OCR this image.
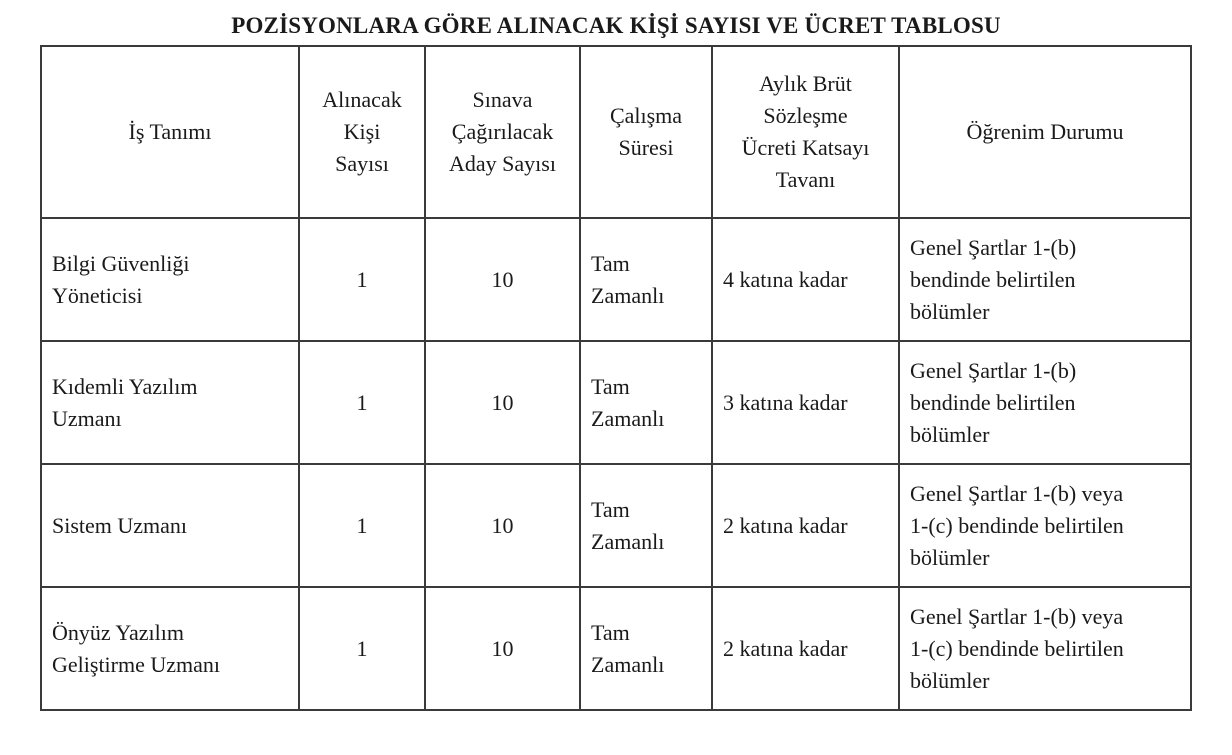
POZİSYONLARA GÖRE ALINACAK KİŞİ SAYISI VE ÜCRET TABLOSU
İş Tanımı	Alınacak
Kişi
Sayısı	Sınava
Çağırılacak
Aday Sayısı	Çalışma
Süresi	Aylık Brüt
Sözleşme
Ücreti Katsayı
Tavanı	Öğrenim Durumu

Bilgi Güvenliği
Yöneticisi	1	10	Tam
Zamanlı	4 katına kadar	Genel Şartlar 1-(b)
bendinde belirtilen
bölümler

Kıdemli Yazılım
Uzmanı	1	10	Tam
Zamanlı	3 katına kadar	Genel Şartlar 1-(b)
bendinde belirtilen
bölümler

Sistem Uzmanı	1	10	Tam
Zamanlı	2 katına kadar	Genel Şartlar 1-(b) veya
1-(c) bendinde belirtilen
bölümler

Önyüz Yazılım
Geliştirme Uzmanı	1	10	Tam
Zamanlı	2 katına kadar	Genel Şartlar 1-(b) veya
1-(c) bendinde belirtilen
bölümler
